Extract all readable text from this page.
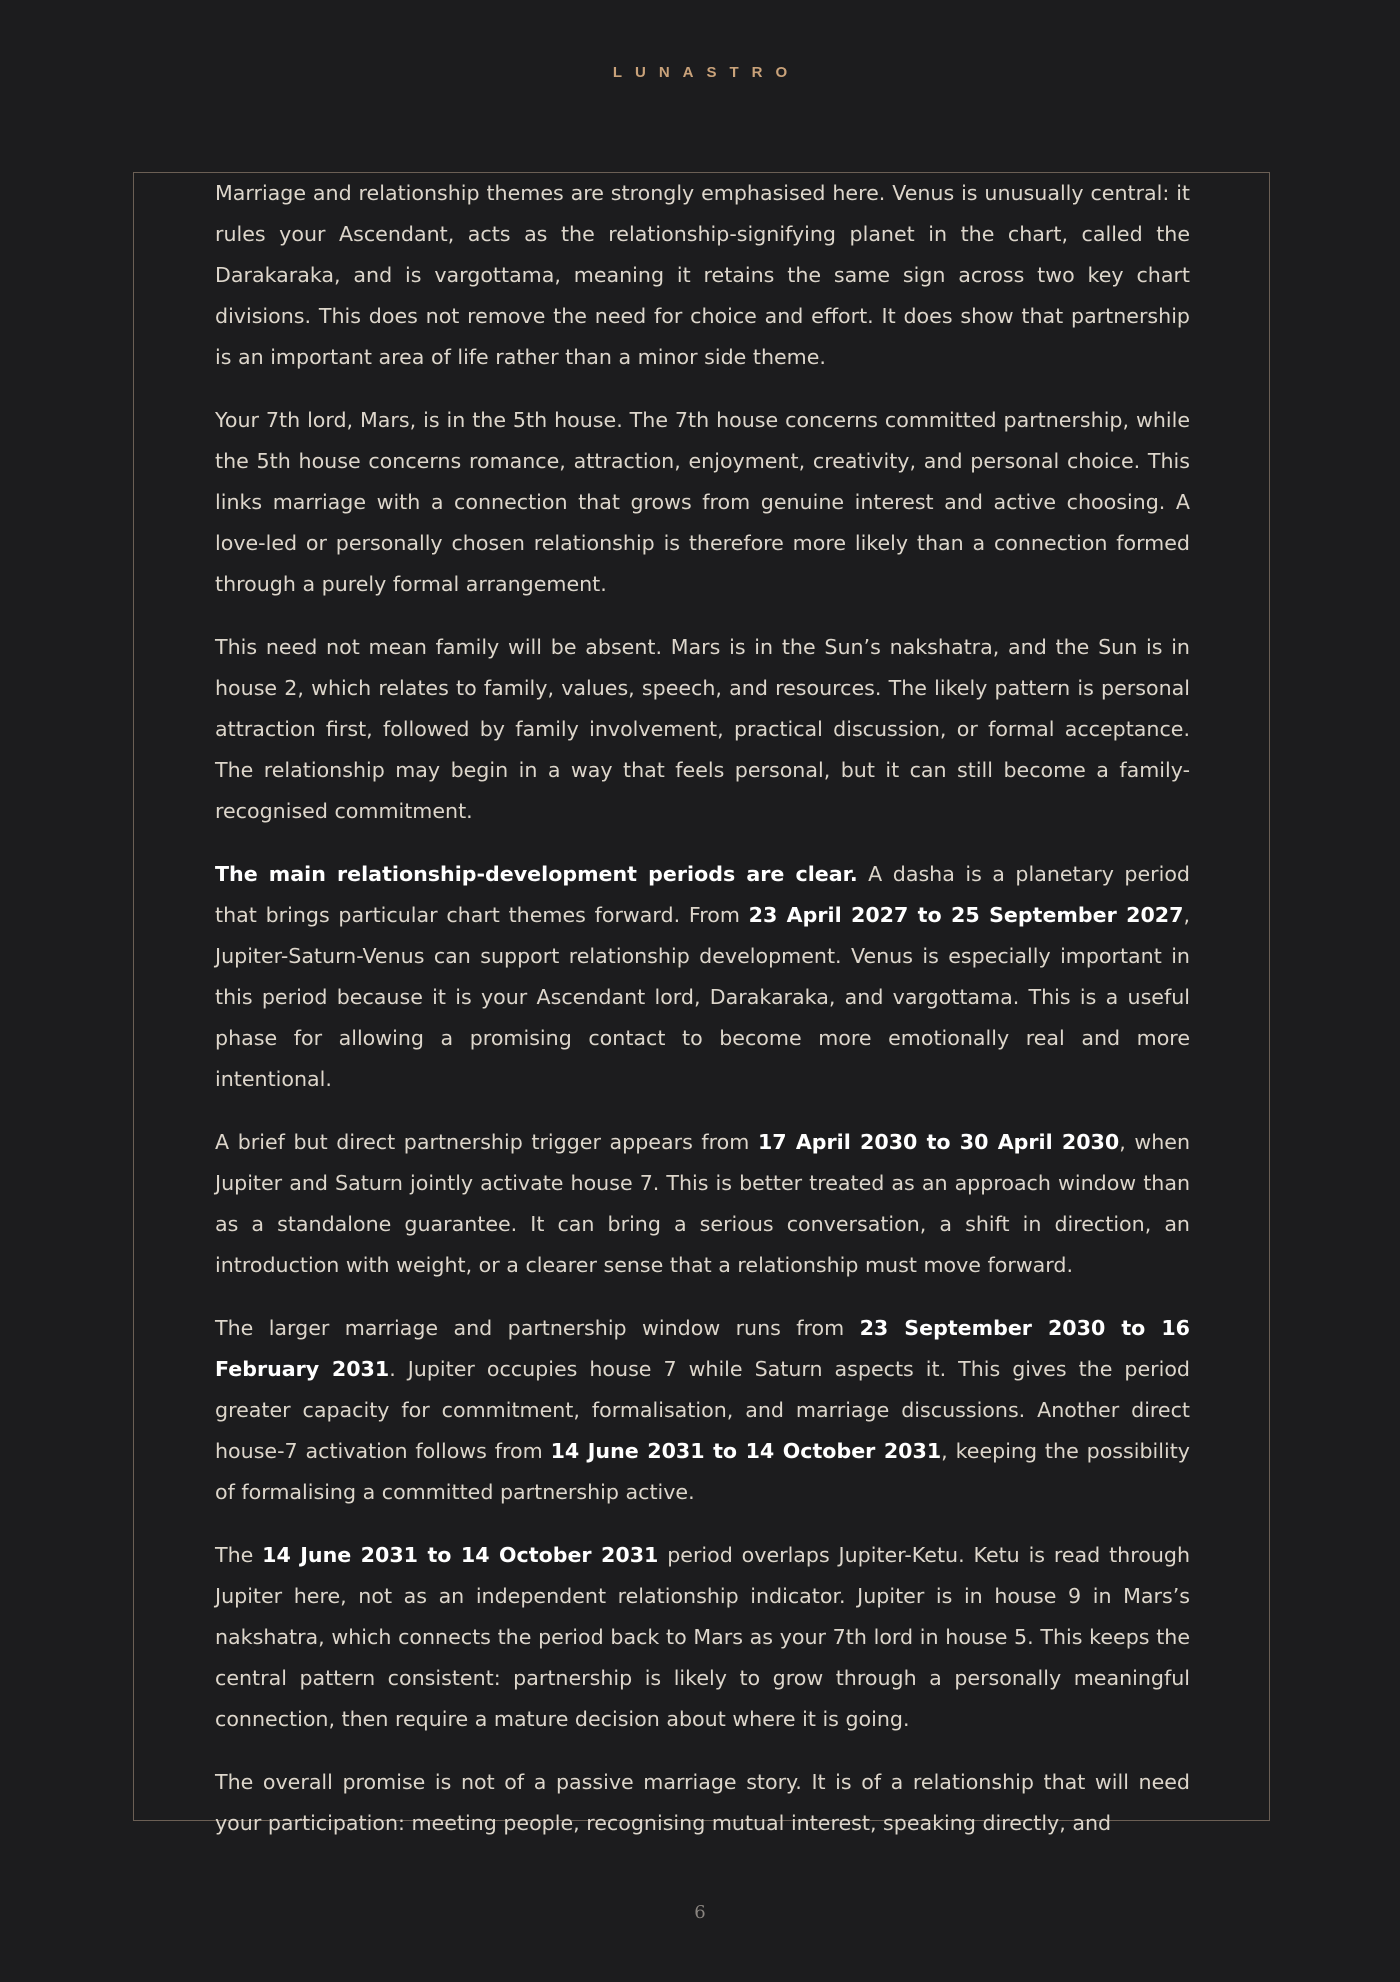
LUNASTRO

Marriage and relationship themes are strongly emphasised here. Venus is unusually central: it rules your Ascendant, acts as the relationship-signifying planet in the chart, called the Darakaraka, and is vargottama, meaning it retains the same sign across two key chart divisions. This does not remove the need for choice and effort. It does show that partnership is an important area of life rather than a minor side theme.

Your 7th lord, Mars, is in the 5th house. The 7th house concerns committed partnership, while the 5th house concerns romance, attraction, enjoyment, creativity, and personal choice. This links marriage with a connection that grows from genuine interest and active choosing. A love-led or personally chosen relationship is therefore more likely than a connection formed through a purely formal arrangement.

This need not mean family will be absent. Mars is in the Sun’s nakshatra, and the Sun is in house 2, which relates to family, values, speech, and resources. The likely pattern is personal attraction first, followed by family involvement, practical discussion, or formal acceptance. The relationship may begin in a way that feels personal, but it can still become a family-recognised commitment.

The main relationship-development periods are clear. A dasha is a planetary period that brings particular chart themes forward. From 23 April 2027 to 25 September 2027, Jupiter-Saturn-Venus can support relationship development. Venus is especially important in this period because it is your Ascendant lord, Darakaraka, and vargottama. This is a useful phase for allowing a promising contact to become more emotionally real and more intentional.

A brief but direct partnership trigger appears from 17 April 2030 to 30 April 2030, when Jupiter and Saturn jointly activate house 7. This is better treated as an approach window than as a standalone guarantee. It can bring a serious conversation, a shift in direction, an introduction with weight, or a clearer sense that a relationship must move forward.

The larger marriage and partnership window runs from 23 September 2030 to 16 February 2031. Jupiter occupies house 7 while Saturn aspects it. This gives the period greater capacity for commitment, formalisation, and marriage discussions. Another direct house-7 activation follows from 14 June 2031 to 14 October 2031, keeping the possibility of formalising a committed partnership active.

The 14 June 2031 to 14 October 2031 period overlaps Jupiter-Ketu. Ketu is read through Jupiter here, not as an independent relationship indicator. Jupiter is in house 9 in Mars’s nakshatra, which connects the period back to Mars as your 7th lord in house 5. This keeps the central pattern consistent: partnership is likely to grow through a personally meaningful connection, then require a mature decision about where it is going.

The overall promise is not of a passive marriage story. It is of a relationship that will need your participation: meeting people, recognising mutual interest, speaking directly, and

6
